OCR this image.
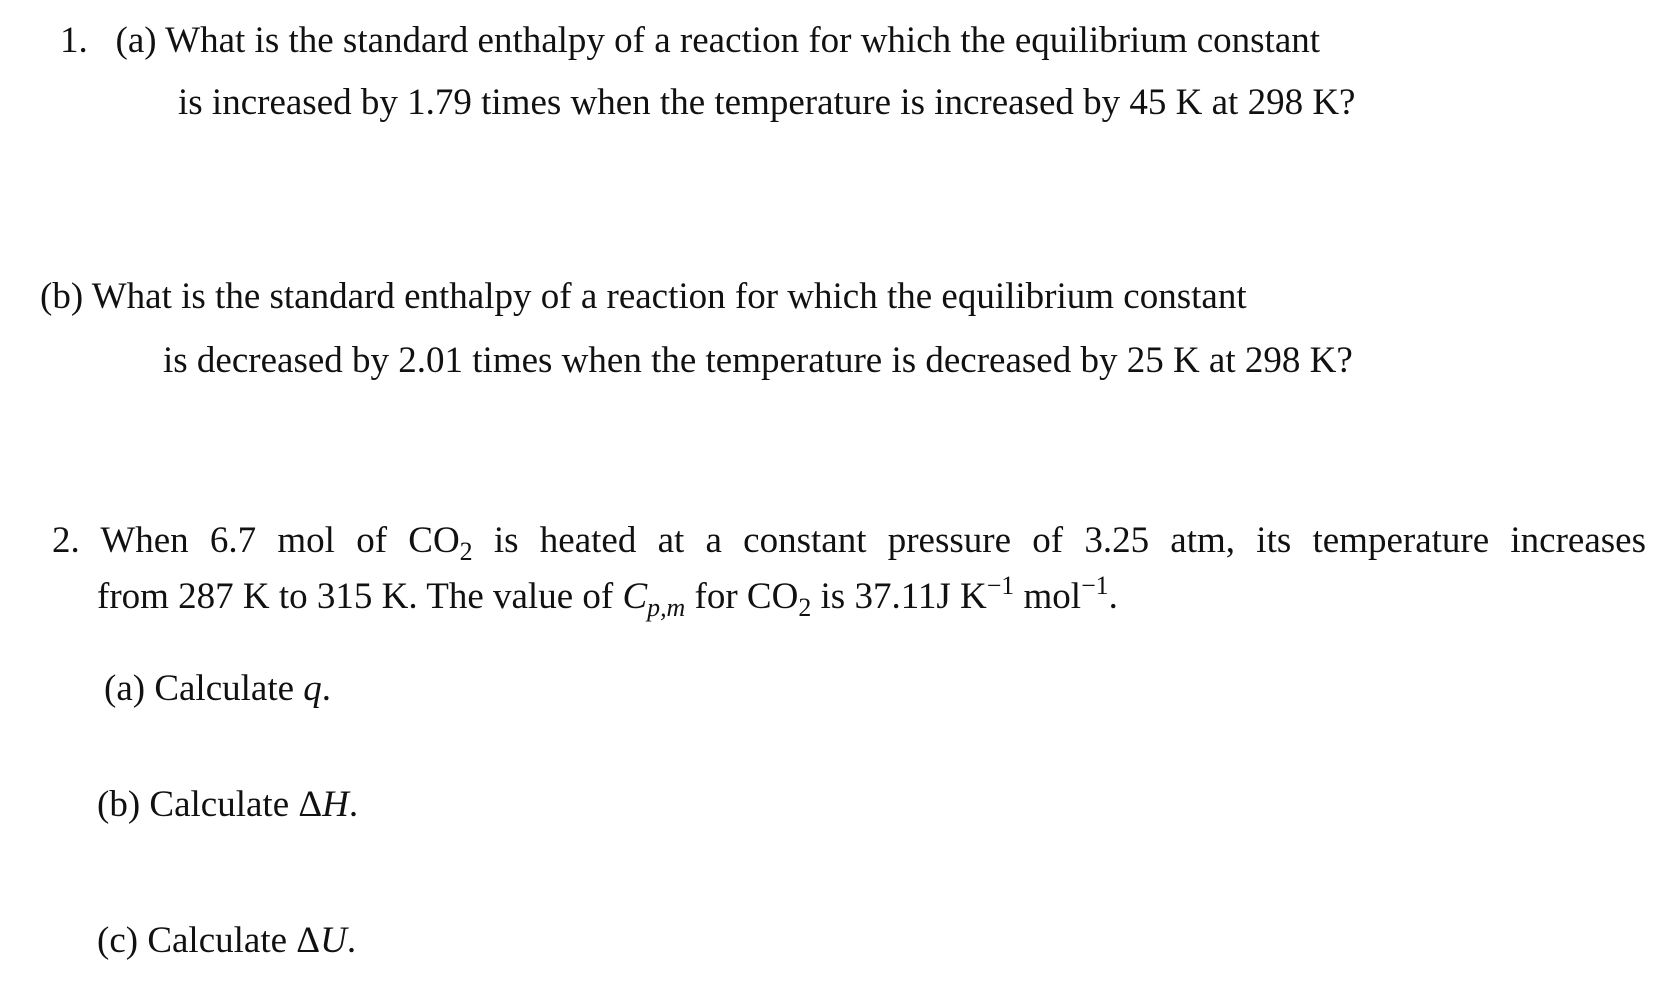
1. (a) What is the standard enthalpy of a reaction for which the equilibrium constant
is increased by 1.79 times when the temperature is increased by 45 K at 298 K?
(b) What is the standard enthalpy of a reaction for which the equilibrium constant
is decreased by 2.01 times when the temperature is decreased by 25 K at 298 K?
2. When 6.7 mol of $CO_2$ is heated at a constant pressure of 3.25 atm, its temperature increases
from 287 K to 315 K. The value of $C_{p,m}$ for $CO_2$ is 37.11J $K^{-1}$ mol$^{-1}$.
(a) Calculate q.
(b) Calculate ΔH.
(c) Calculate ΔU.
